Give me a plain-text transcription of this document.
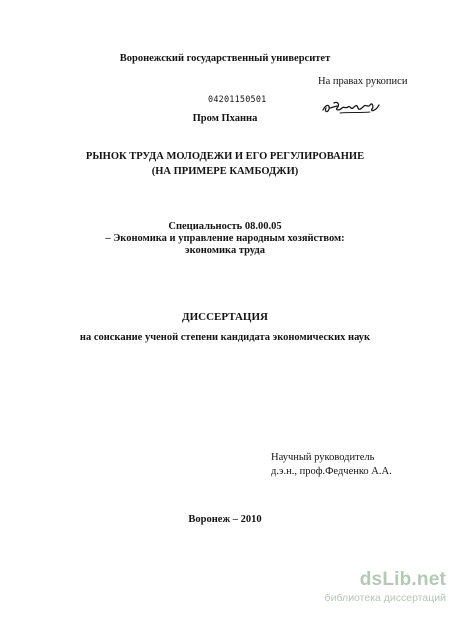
Воронежский государственный университет
На правах рукописи
04201150501
Пром Пханна
РЫНОК ТРУДА МОЛОДЕЖИ И ЕГО РЕГУЛИРОВАНИЕ
(НА ПРИМЕРЕ КАМБОДЖИ)
Специальность 08.00.05
– Экономика и управление народным хозяйством:
экономика труда
ДИССЕРТАЦИЯ
на соискание ученой степени кандидата экономических наук
Научный руководитель
д.э.н., проф.Федченко А.А.
Воронеж – 2010
dsLib.net
библиотека диссертаций
